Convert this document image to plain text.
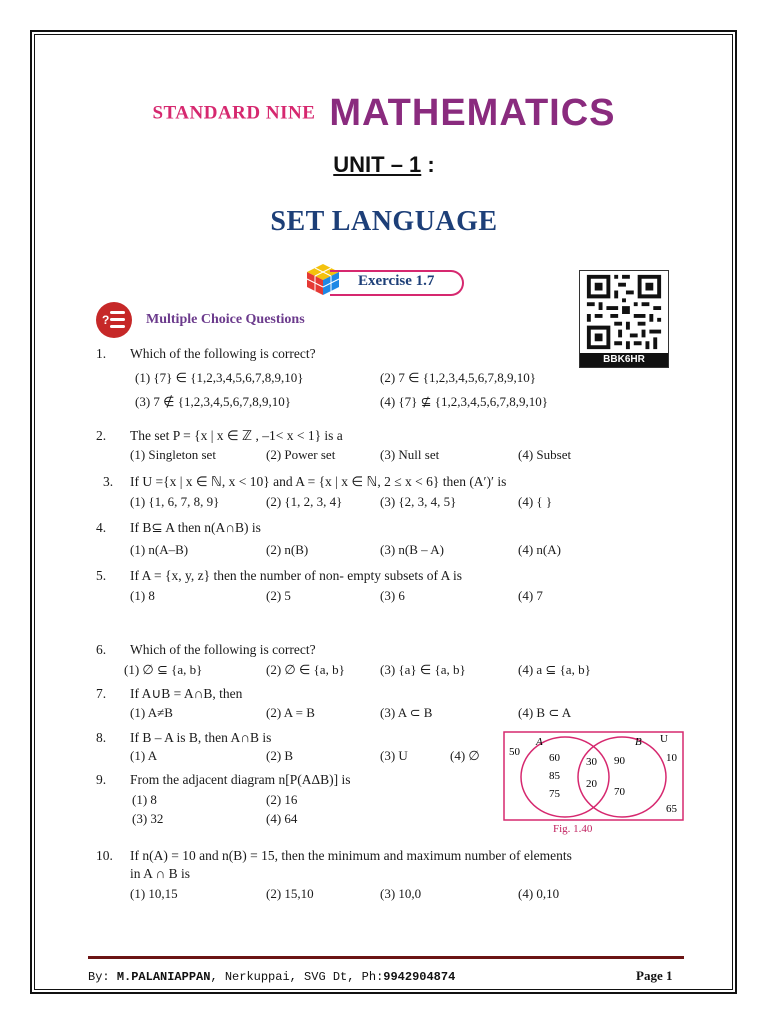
STANDARD NINE MATHEMATICS
UNIT – 1 :
SET LANGUAGE
Exercise 1.7
BBK6HR
?	Multiple Choice Questions
1. Which of the following is correct?
(1) {7} ∈ {1,2,3,4,5,6,7,8,9,10}	(2) 7 ∈ {1,2,3,4,5,6,7,8,9,10}
(3) 7 ∉ {1,2,3,4,5,6,7,8,9,10}	(4) {7} ⊈ {1,2,3,4,5,6,7,8,9,10}
2. The set P = {x | x ∈ ℤ , –1< x < 1} is a
(1) Singleton set	(2) Power set	(3) Null set	(4) Subset
3. If U ={x | x ∈ ℕ, x < 10} and A = {x | x ∈ ℕ, 2 ≤ x < 6} then (A′)′ is
(1) {1, 6, 7, 8, 9}	(2) {1, 2, 3, 4}	(3) {2, 3, 4, 5}	(4) { }
4. If B⊆ A then n(A∩B) is
(1) n(A–B)	(2) n(B)	(3) n(B – A)	(4) n(A)
5. If A = {x, y, z} then the number of non- empty subsets of A is
(1) 8	(2) 5	(3) 6	(4) 7
6. Which of the following is correct?
(1) ∅ ⊆ {a, b}	(2) ∅ ∈ {a, b}	(3) {a} ∈ {a, b}	(4) a ⊆ {a, b}
7. If A∪B = A∩B, then
(1) A≠B	(2) A = B	(3) A ⊂ B	(4) B ⊂ A
8. If B – A is B, then A∩B is
(1) A	(2) B	(3) U	(4) ∅
9. From the adjacent diagram n[P(AΔB)] is
(1) 8	(2) 16
(3) 32	(4) 64
A	B U
50	10
65
60
85
75
30
20
90
70
Fig. 1.40
10. If n(A) = 10 and n(B) = 15, then the minimum and maximum number of elements
in A ∩ B is
(1) 10,15	(2) 15,10	(3) 10,0	(4) 0,10
By: M.PALANIAPPAN, Nerkuppai, SVG Dt, Ph:9942904874	Page 1
